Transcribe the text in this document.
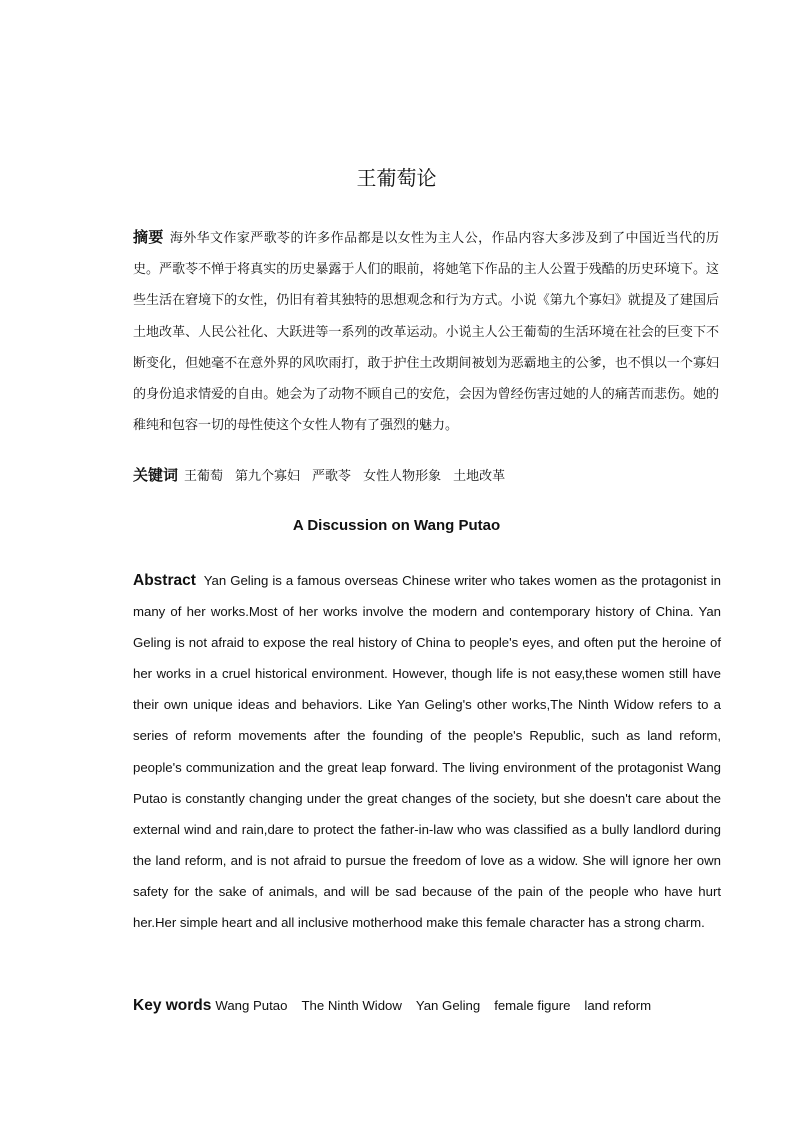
王葡萄论

摘要 海外华文作家严歌苓的许多作品都是以女性为主人公，作品内容大多涉及到了中国近当代的历史。严歌苓不惮于将真实的历史暴露于人们的眼前，将她笔下作品的主人公置于残酷的历史环境下。这些生活在窘境下的女性，仍旧有着其独特的思想观念和行为方式。小说《第九个寡妇》就提及了建国后土地改革、人民公社化、大跃进等一系列的改革运动。小说主人公王葡萄的生活环境在社会的巨变下不断变化，但她毫不在意外界的风吹雨打，敢于护住土改期间被划为恶霸地主的公爹，也不惧以一个寡妇的身份追求情爱的自由。她会为了动物不顾自己的安危，会因为曾经伤害过她的人的痛苦而悲伤。她的稚纯和包容一切的母性使这个女性人物有了强烈的魅力。

关键词 王葡萄 第九个寡妇 严歌苓 女性人物形象 土地改革

A Discussion on Wang Putao

Abstract Yan Geling is a famous overseas Chinese writer who takes women as the protagonist in many of her works.Most of her works involve the modern and contemporary history of China. Yan Geling is not afraid to expose the real history of China to people's eyes, and often put the heroine of her works in a cruel historical environment. However, though life is not easy,these women still have their own unique ideas and behaviors. Like Yan Geling's other works,The Ninth Widow refers to a series of reform movements after the founding of the people's Republic, such as land reform, people's communization and the great leap forward. The living environment of the protagonist Wang Putao is constantly changing under the great changes of the society, but she doesn't care about the external wind and rain,dare to protect the father-in-law who was classified as a bully landlord during the land reform, and is not afraid to pursue the freedom of love as a widow. She will ignore her own safety for the sake of animals, and will be sad because of the pain of the people who have hurt her.Her simple heart and all inclusive motherhood make this female character has a strong charm.

Key words Wang Putao The Ninth Widow Yan Geling female figure land reform
